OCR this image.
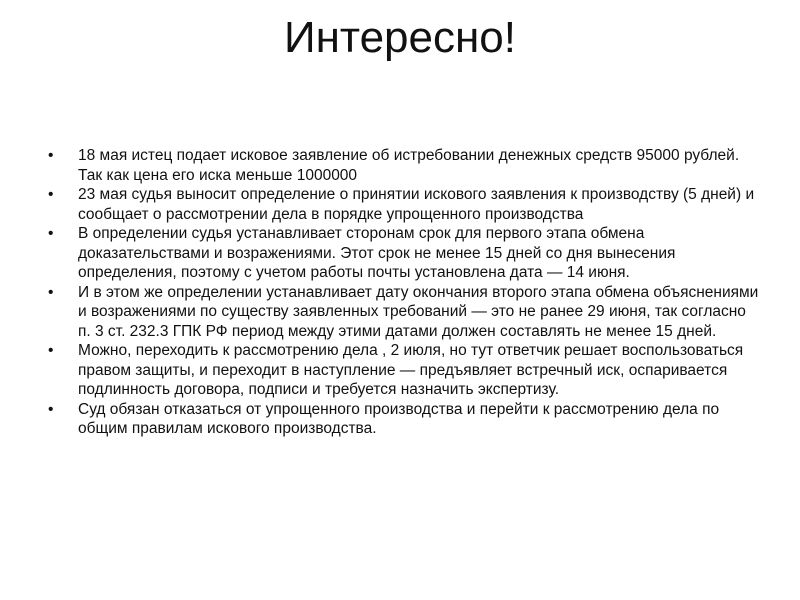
Интересно!
•	18 мая истец подает исковое заявление об истребовании денежных средств 95000 рублей. Так как цена его иска меньше 1000000
•	23 мая судья выносит определение о принятии искового заявления к производству (5 дней) и сообщает о рассмотрении дела в порядке упрощенного производства
•	В определении судья устанавливает сторонам срок для первого этапа обмена доказательствами и возражениями. Этот срок не менее 15 дней со дня вынесения определения, поэтому с учетом работы почты установлена дата — 14 июня.
•	И в этом же определении устанавливает дату окончания второго этапа обмена объяснениями и возражениями по существу заявленных требований — это не ранее 29 июня, так согласно п. 3 ст. 232.3 ГПК РФ период между этими датами должен составлять не менее 15 дней.
•	Можно, переходить к рассмотрению дела , 2 июля, но тут ответчик решает воспользоваться правом защиты, и переходит в наступление — предъявляет встречный иск, оспаривается подлинность договора, подписи и требуется назначить экспертизу.
•	Суд обязан отказаться от упрощенного производства и перейти к рассмотрению дела по общим правилам искового производства.
